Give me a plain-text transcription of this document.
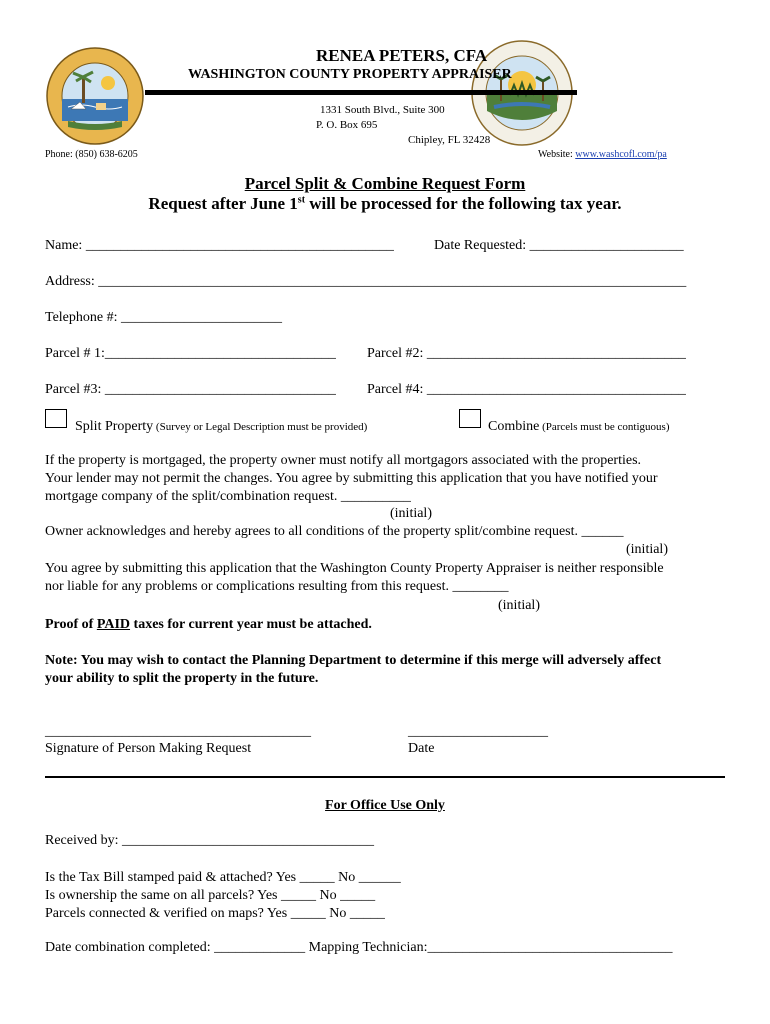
RENEA PETERS, CFA
WASHINGTON COUNTY PROPERTY APPRAISER
1331 South Blvd., Suite 300
P. O. Box 695
Chipley, FL 32428
Phone: (850) 638-6205	Website: www.washcofl.com/pa
Parcel Split & Combine Request Form
Request after June 1st will be processed for the following tax year.
Name: ____________________________________________	Date Requested: ______________________
Address: ____________________________________________________________________________________
Telephone #: _______________________
Parcel # 1:_________________________________ Parcel #2: _____________________________________
Parcel #3: _________________________________ Parcel #4: _____________________________________
Split Property (Survey or Legal Description must be provided)	Combine (Parcels must be contiguous)
If the property is mortgaged, the property owner must notify all mortgagors associated with the properties.
Your lender may not permit the changes. You agree by submitting this application that you have notified your
mortgage company of the split/combination request. __________
(initial)
Owner acknowledges and hereby agrees to all conditions of the property split/combine request. ______
(initial)
You agree by submitting this application that the Washington County Property Appraiser is neither responsible
nor liable for any problems or complications resulting from this request. ________
(initial)
Proof of PAID taxes for current year must be attached.
Note: You may wish to contact the Planning Department to determine if this merge will adversely affect
your ability to split the property in the future.
______________________________________	____________________
Signature of Person Making Request	Date
For Office Use Only
Received by: ____________________________________
Is the Tax Bill stamped paid & attached? Yes _____ No ______
Is ownership the same on all parcels? Yes _____ No _____
Parcels connected & verified on maps? Yes _____ No _____
Date combination completed: _____________ Mapping Technician:___________________________________
